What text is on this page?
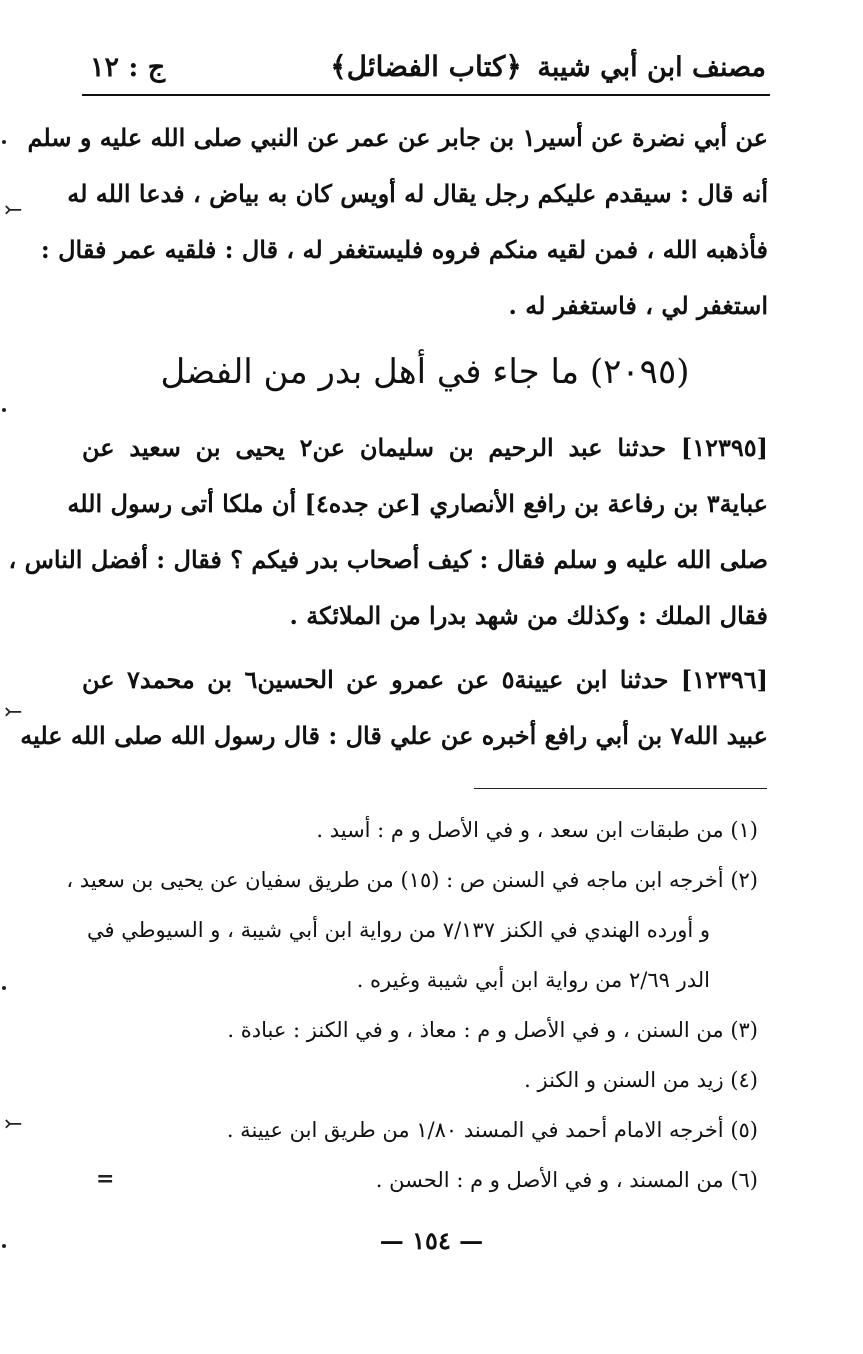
مصنف ابن أبي شيبة
﴿كتاب الفضائل﴾
ج : ١٢
عن أبي نضرة عن أسير١ بن جابر عن عمر عن النبي صلى الله عليه و سلم
أنه قال : سيقدم عليكم رجل يقال له أويس كان به بياض ، فدعا الله له
فأذهبه الله ، فمن لقيه منكم فروه فليستغفر له ، قال : فلقيه عمر فقال :
استغفر لي ، فاستغفر له .
(٢٠٩٥) ما جاء في أهل بدر من الفضل
[١٢٣٩٥] حدثنا عبد الرحيم بن سليمان عن٢ يحيى بن سعيد عن
عباية٣ بن رفاعة بن رافع الأنصاري [عن جده٤] أن ملكا أتى رسول الله
صلى الله عليه و سلم فقال : كيف أصحاب بدر فيكم ؟ فقال : أفضل الناس ،
فقال الملك : وكذلك من شهد بدرا من الملائكة .
[١٢٣٩٦] حدثنا ابن عيينة٥ عن عمرو عن الحسين٦ بن محمد٧ عن
عبيد الله٧ بن أبي رافع أخبره عن علي قال : قال رسول الله صلى الله عليه
(١) من طبقات ابن سعد ، و في الأصل و م : أسيد .
(٢) أخرجه ابن ماجه في السنن ص : (١٥) من طريق سفيان عن يحيى بن سعيد ،
و أورده الهندي في الكنز ٧/١٣٧ من رواية ابن أبي شيبة ، و السيوطي في
الدر ٢/٦٩ من رواية ابن أبي شيبة وغيره .
(٣) من السنن ، و في الأصل و م : معاذ ، و في الكنز : عبادة .
(٤) زيد من السنن و الكنز .
(٥) أخرجه الامام أحمد في المسند ١/٨٠ من طريق ابن عيينة .
(٦) من المسند ، و في الأصل و م : الحسن .
— ١٥٤ —
⤚
⤚
⤚
=
